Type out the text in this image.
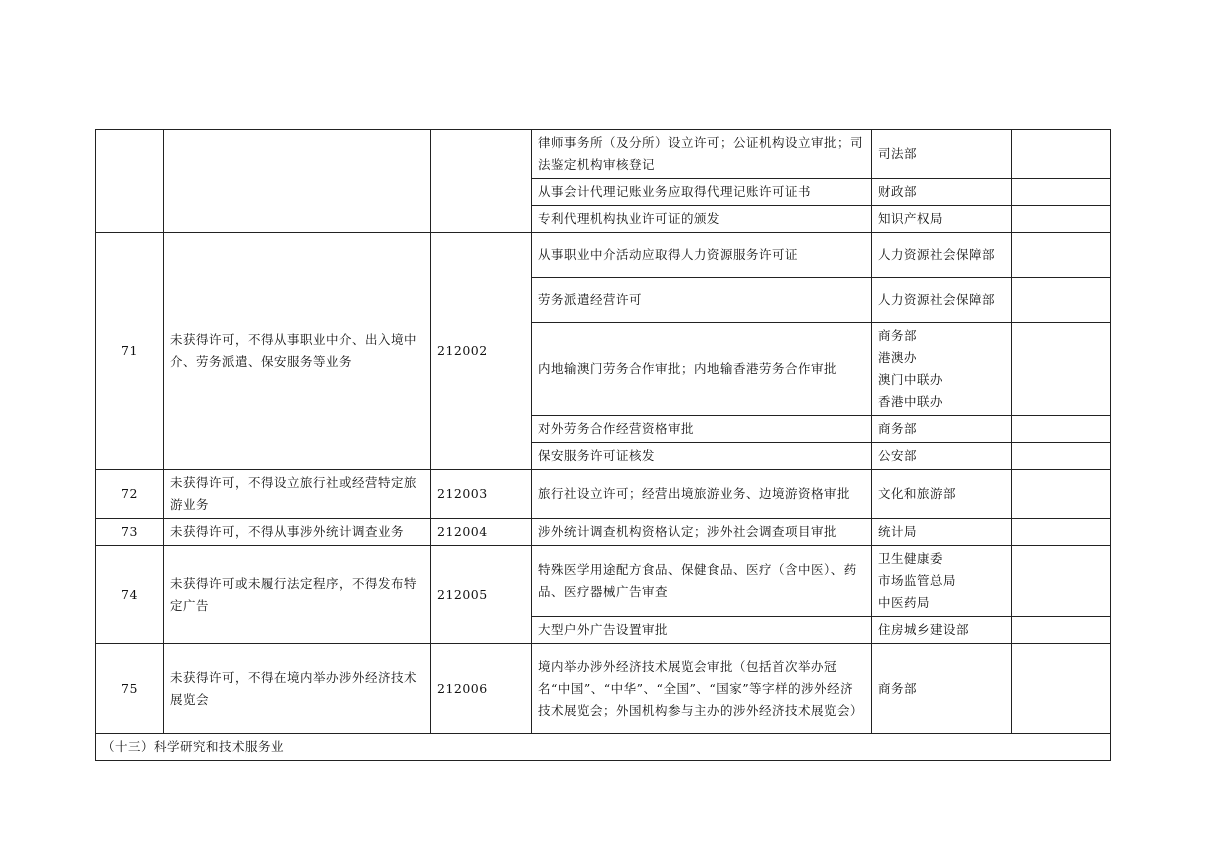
			律师事务所（及分所）设立许可；公证机构设立审批；司法鉴定机构审核登记	司法部	
			从事会计代理记账业务应取得代理记账许可证书	财政部	
			专利代理机构执业许可证的颁发	知识产权局	
71	未获得许可，不得从事职业中介、出入境中介、劳务派遣、保安服务等业务	212002	从事职业中介活动应取得人力资源服务许可证	人力资源社会保障部	
			劳务派遣经营许可	人力资源社会保障部	
			内地输澳门劳务合作审批；内地输香港劳务合作审批	商务部
港澳办
澳门中联办
香港中联办	

			对外劳务合作经营资格审批	商务部	
			保安服务许可证核发	公安部	
72	未获得许可，不得设立旅行社或经营特定旅游业务	212003	旅行社设立许可；经营出境旅游业务、边境游资格审批	文化和旅游部	
73	未获得许可，不得从事涉外统计调查业务	212004	涉外统计调查机构资格认定；涉外社会调查项目审批	统计局	
74	未获得许可或未履行法定程序，不得发布特定广告	212005	特殊医学用途配方食品、保健食品、医疗（含中医）、药品、医疗器械广告审查	卫生健康委
市场监管总局
中医药局	

			大型户外广告设置审批	住房城乡建设部	
75	未获得许可，不得在境内举办涉外经济技术展览会	212006	境内举办涉外经济技术展览会审批（包括首次举办冠名“中国”、“中华”、“全国”、“国家”等字样的涉外经济技术展览会；外国机构参与主办的涉外经济技术展览会）	商务部	
（十三）科学研究和技术服务业					
